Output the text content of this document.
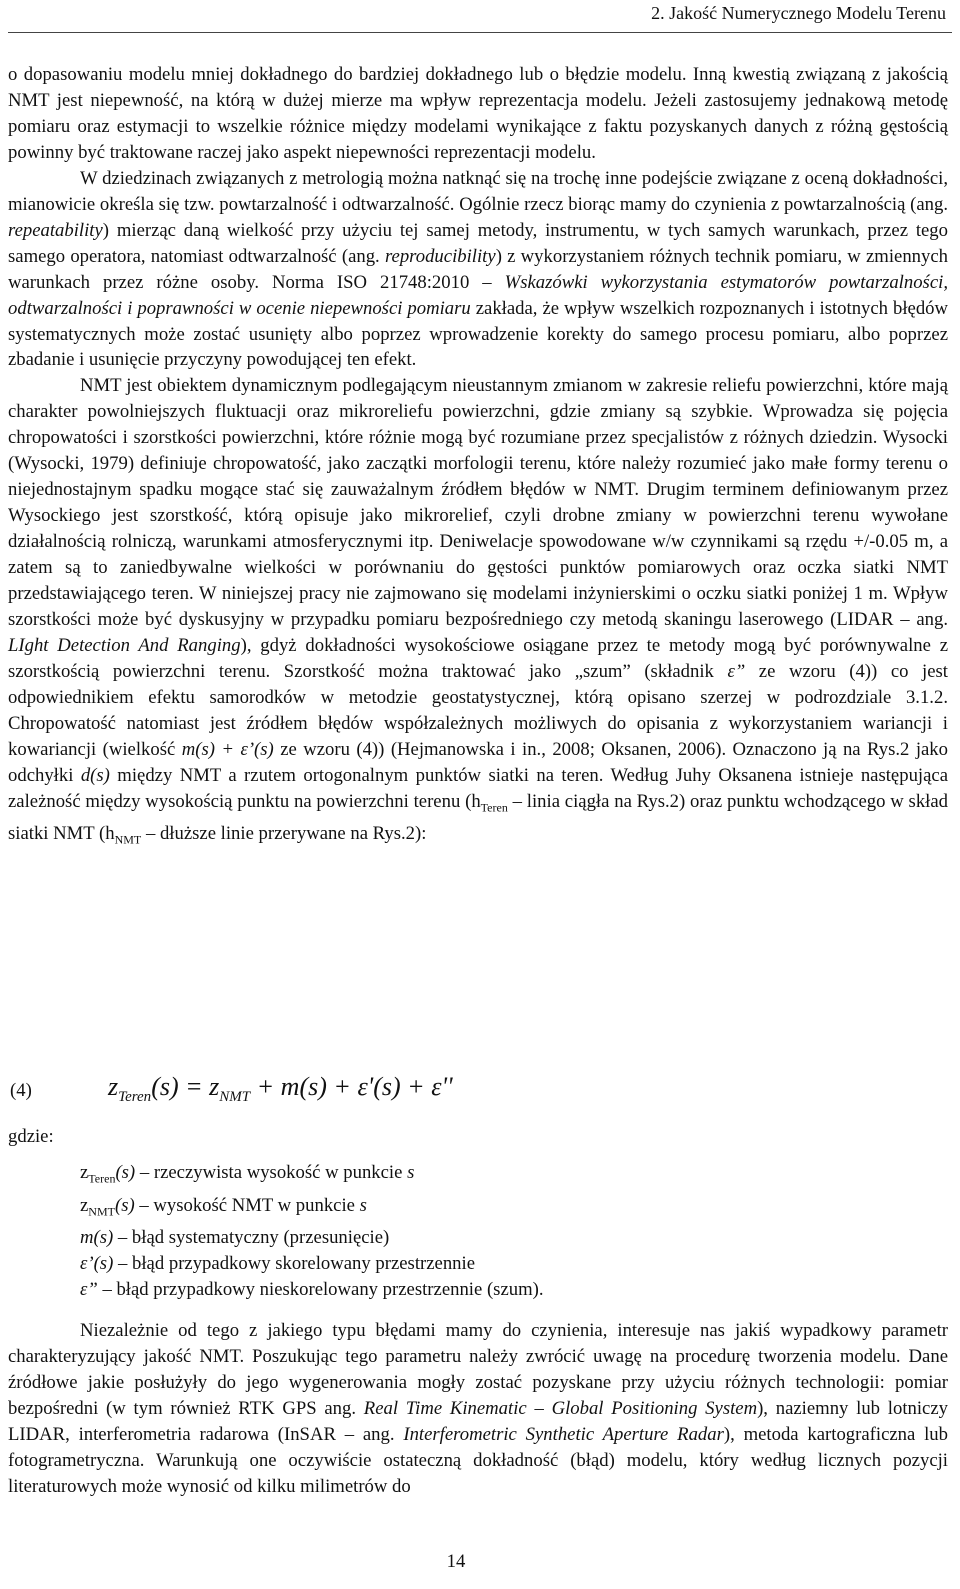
2. Jakość Numerycznego Modelu Terenu

o dopasowaniu modelu mniej dokładnego do bardziej dokładnego lub o błędzie modelu. Inną kwestią związaną z jakością NMT jest niepewność, na którą w dużej mierze ma wpływ reprezentacja modelu. Jeżeli zastosujemy jednakową metodę pomiaru oraz estymacji to wszelkie różnice między modelami wynikające z faktu pozyskanych danych z różną gęstością powinny być traktowane raczej jako aspekt niepewności reprezentacji modelu.

W dziedzinach związanych z metrologią można natknąć się na trochę inne podejście związane z oceną dokładności, mianowicie określa się tzw. powtarzalność i odtwarzalność. Ogólnie rzecz biorąc mamy do czynienia z powtarzalnością (ang. repeatability) mierząc daną wielkość przy użyciu tej samej metody, instrumentu, w tych samych warunkach, przez tego samego operatora, natomiast odtwarzalność (ang. reproducibility) z wykorzystaniem różnych technik pomiaru, w zmiennych warunkach przez różne osoby. Norma ISO 21748:2010 – Wskazówki wykorzystania estymatorów powtarzalności, odtwarzalności i poprawności w ocenie niepewności pomiaru zakłada, że wpływ wszelkich rozpoznanych i istotnych błędów systematycznych może zostać usunięty albo poprzez wprowadzenie korekty do samego procesu pomiaru, albo poprzez zbadanie i usunięcie przyczyny powodującej ten efekt.

NMT jest obiektem dynamicznym podlegającym nieustannym zmianom w zakresie reliefu powierzchni, które mają charakter powolniejszych fluktuacji oraz mikroreliefu powierzchni, gdzie zmiany są szybkie. Wprowadza się pojęcia chropowatości i szorstkości powierzchni, które różnie mogą być rozumiane przez specjalistów z różnych dziedzin. Wysocki (Wysocki, 1979) definiuje chropowatość, jako zaczątki morfologii terenu, które należy rozumieć jako małe formy terenu o niejednostajnym spadku mogące stać się zauważalnym źródłem błędów w NMT. Drugim terminem definiowanym przez Wysockiego jest szorstkość, którą opisuje jako mikrorelief, czyli drobne zmiany w powierzchni terenu wywołane działalnością rolniczą, warunkami atmosferycznymi itp. Deniwelacje spowodowane w/w czynnikami są rzędu +/-0.05 m, a zatem są to zaniedbywalne wielkości w porównaniu do gęstości punktów pomiarowych oraz oczka siatki NMT przedstawiającego teren. W niniejszej pracy nie zajmowano się modelami inżynierskimi o oczku siatki poniżej 1 m. Wpływ szorstkości może być dyskusyjny w przypadku pomiaru bezpośredniego czy metodą skaningu laserowego (LIDAR – ang. LIght Detection And Ranging), gdyż dokładności wysokościowe osiągane przez te metody mogą być porównywalne z szorstkością powierzchni terenu. Szorstkość można traktować jako „szum” (składnik ε” ze wzoru (4)) co jest odpowiednikiem efektu samorodków w metodzie geostatystycznej, którą opisano szerzej w podrozdziale 3.1.2. Chropowatość natomiast jest źródłem błędów współzależnych możliwych do opisania z wykorzystaniem wariancji i kowariancji (wielkość m(s) + ε’(s) ze wzoru (4)) (Hejmanowska i in., 2008; Oksanen, 2006). Oznaczono ją na Rys.2 jako odchyłki d(s) między NMT a rzutem ortogonalnym punktów siatki na teren. Według Juhy Oksanena istnieje następująca zależność między wysokością punktu na powierzchni terenu ($h_{Teren}$ – linia ciągła na Rys.2) oraz punktu wchodzącego w skład siatki NMT ($h_{NMT}$ – dłuższe linie przerywane na Rys.2):

(4)	$z_{Teren}(s) = z_{NMT} + m(s) + \varepsilon'(s) + \varepsilon''$
gdzie:
$z_{Teren}(s)$ – rzeczywista wysokość w punkcie s
$z_{NMT}(s)$ – wysokość NMT w punkcie s
m(s) – błąd systematyczny (przesunięcie)
ε’(s) – błąd przypadkowy skorelowany przestrzennie
ε” – błąd przypadkowy nieskorelowany przestrzennie (szum).

Niezależnie od tego z jakiego typu błędami mamy do czynienia, interesuje nas jakiś wypadkowy parametr charakteryzujący jakość NMT. Poszukując tego parametru należy zwrócić uwagę na procedurę tworzenia modelu. Dane źródłowe jakie posłużyły do jego wygenerowania mogły zostać pozyskane przy użyciu różnych technologii: pomiar bezpośredni (w tym również RTK GPS ang. Real Time Kinematic – Global Positioning System), naziemny lub lotniczy LIDAR, interferometria radarowa (InSAR – ang. Interferometric Synthetic Aperture Radar), metoda kartograficzna lub fotogrametryczna. Warunkują one oczywiście ostateczną dokładność (błąd) modelu, który według licznych pozycji literaturowych może wynosić od kilku milimetrów do

14
